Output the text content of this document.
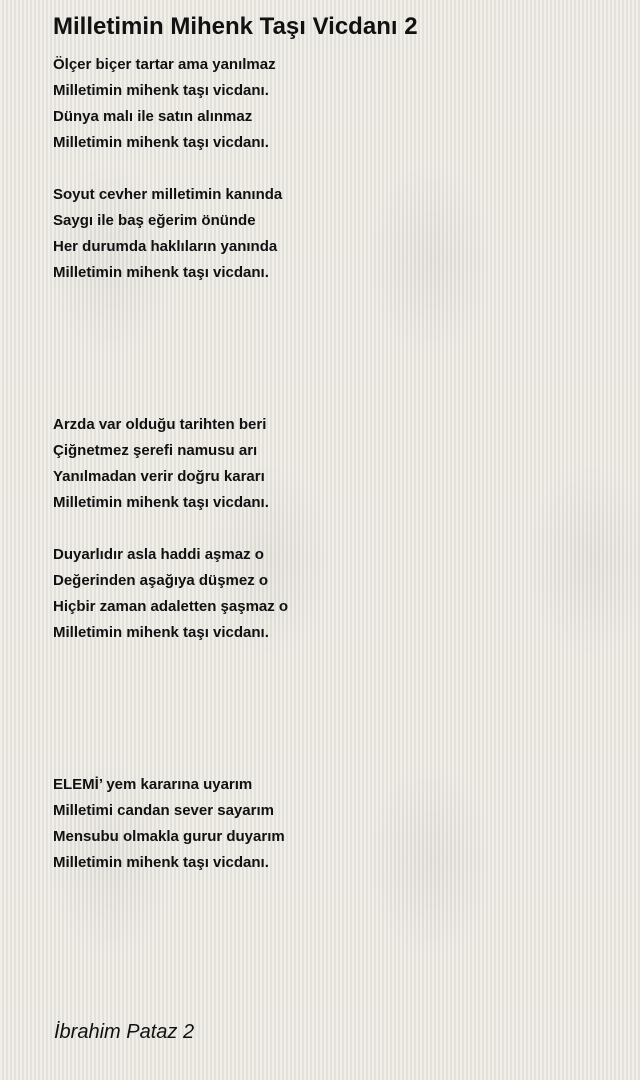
Milletimin Mihenk Taşı Vicdanı 2
Ölçer biçer tartar ama yanılmaz
Milletimin mihenk taşı vicdanı.
Dünya malı ile satın alınmaz
Milletimin mihenk taşı vicdanı.
Soyut cevher milletimin kanında
Saygı ile baş eğerim önünde
Her durumda haklıların yanında
Milletimin mihenk taşı vicdanı.
Arzda var olduğu tarihten beri
Çiğnetmez şerefi namusu arı
Yanılmadan verir doğru kararı
Milletimin mihenk taşı vicdanı.
Duyarlıdır asla haddi aşmaz o
Değerinden aşağıya düşmez o
Hiçbir zaman adaletten şaşmaz o
Milletimin mihenk taşı vicdanı.
ELEMİ’ yem kararına uyarım
Milletimi candan sever sayarım
Mensubu olmakla gurur duyarım
Milletimin mihenk taşı vicdanı.
İbrahim Pataz 2
